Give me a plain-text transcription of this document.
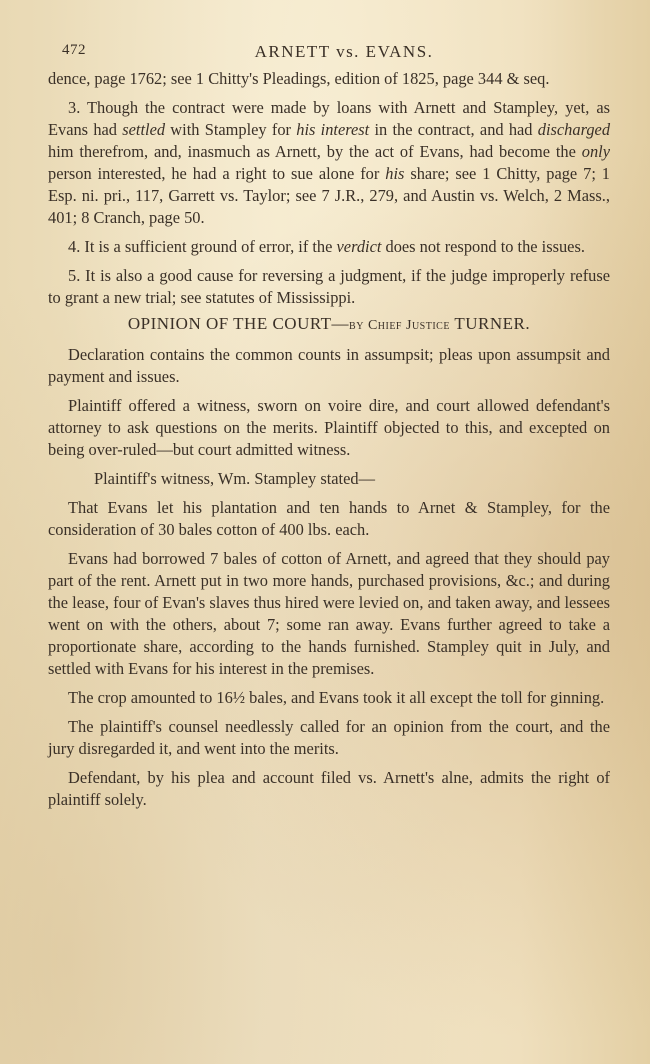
472	ARNETT vs. EVANS.

dence, page 1762; see 1 Chitty's Pleadings, edition of 1825, page 344 & seq.

3. Though the contract were made by loans with Arnett and Stampley, yet, as Evans had settled with Stampley for his interest in the contract, and had discharged him therefrom, and, inasmuch as Arnett, by the act of Evans, had become the only person interested, he had a right to sue alone for his share; see 1 Chitty, page 7; 1 Esp. ni. pri., 117, Garrett vs. Taylor; see 7 J.R., 279, and Austin vs. Welch, 2 Mass., 401; 8 Cranch, page 50.

4. It is a sufficient ground of error, if the verdict does not respond to the issues.

5. It is also a good cause for reversing a judgment, if the judge improperly refuse to grant a new trial; see statutes of Mississippi.

OPINION OF THE COURT—by Chief Justice TURNER.

Declaration contains the common counts in assumpsit; pleas upon assumpsit and payment and issues.

Plaintiff offered a witness, sworn on voire dire, and court allowed defendant's attorney to ask questions on the merits. Plaintiff objected to this, and excepted on being over-ruled—but court admitted witness.

Plaintiff's witness, Wm. Stampley stated—

That Evans let his plantation and ten hands to Arnet & Stampley, for the consideration of 30 bales cotton of 400 lbs. each.

Evans had borrowed 7 bales of cotton of Arnett, and agreed that they should pay part of the rent. Arnett put in two more hands, purchased provisions, &c.; and during the lease, four of Evan's slaves thus hired were levied on, and taken away, and lessees went on with the others, about 7; some ran away. Evans further agreed to take a proportionate share, according to the hands furnished. Stampley quit in July, and settled with Evans for his interest in the premises.

The crop amounted to 16½ bales, and Evans took it all except the toll for ginning.

The plaintiff's counsel needlessly called for an opinion from the court, and the jury disregarded it, and went into the merits.

Defendant, by his plea and account filed vs. Arnett's alne, admits the right of plaintiff solely.
